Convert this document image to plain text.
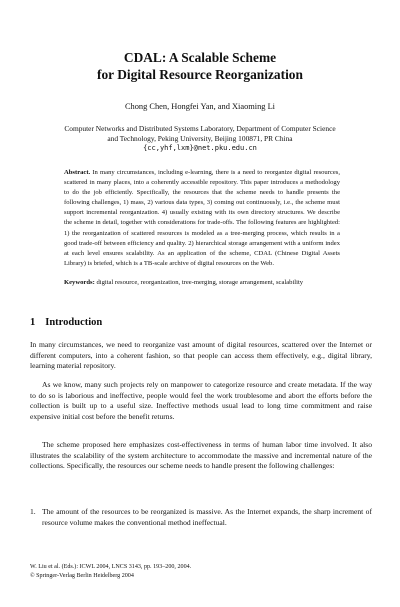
CDAL: A Scalable Scheme
for Digital Resource Reorganization
Chong Chen, Hongfei Yan, and Xiaoming Li
Computer Networks and Distributed Systems Laboratory, Department of Computer Science
and Technology, Peking University, Beijing 100871, PR China
{cc,yhf,lxm}@net.pku.edu.cn
Abstract. In many circumstances, including e-learning, there is a need to reorganize digital resources, scattered in many places, into a coherently accessible repository. This paper introduces a methodology to do the job efficiently. Specifically, the resources that the scheme needs to handle presents the following challenges, 1) mass, 2) various data types, 3) coming out continuously, i.e., the scheme must support incremental reorganization. 4) usually existing with its own directory structures. We describe the scheme in detail, together with considerations for trade-offs. The following features are highlighted: 1) the reorganization of scattered resources is modeled as a tree-merging process, which results in a good trade-off between efficiency and quality. 2) hierarchical storage arrangement with a uniform index at each level ensures scalability. As an application of the scheme, CDAL (Chinese Digital Assets Library) is briefed, which is a TB-scale archive of digital resources on the Web.
Keywords: digital resource, reorganization, tree-merging, storage arrangement, scalability
1 Introduction
In many circumstances, we need to reorganize vast amount of digital resources, scattered over the Internet or different computers, into a coherent fashion, so that people can access them effectively, e.g., digital library, learning material repository.
As we know, many such projects rely on manpower to categorize resource and create metadata. If the way to do so is laborious and ineffective, people would feel the work troublesome and abort the efforts before the collection is built up to a useful size. Ineffective methods usual lead to long time commitment and raise expensive initial cost before the benefit returns.
The scheme proposed here emphasizes cost-effectiveness in terms of human labor time involved. It also illustrates the scalability of the system architecture to accommodate the massive and incremental nature of the collections. Specifically, the resources our scheme needs to handle present the following challenges:
1. The amount of the resources to be reorganized is massive. As the Internet expands, the sharp increment of resource volume makes the conventional method ineffectual.
W. Liu et al. (Eds.): ICWL 2004, LNCS 3143, pp. 193–200, 2004.
© Springer-Verlag Berlin Heidelberg 2004
